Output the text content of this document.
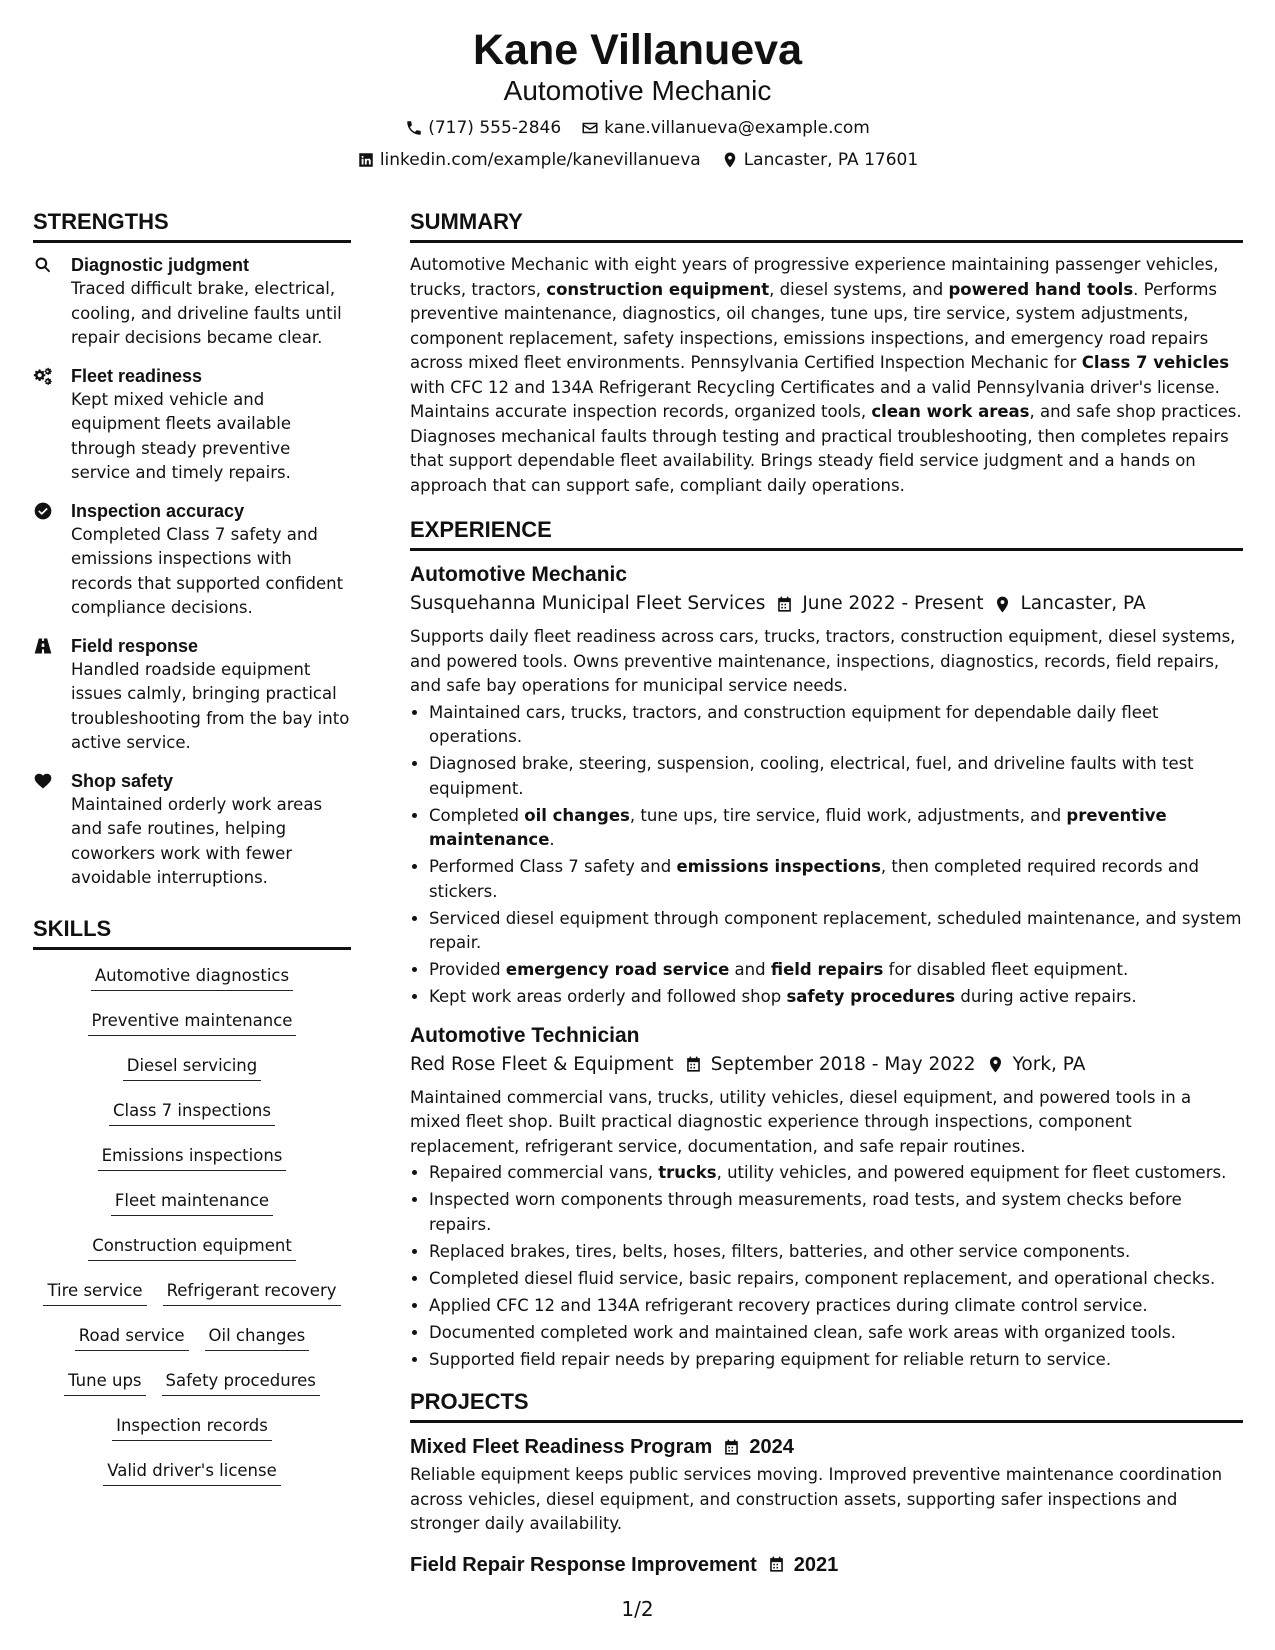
Kane Villanueva
Automotive Mechanic
(717) 555-2846	kane.villanueva@example.com
linkedin.com/example/kanevillanueva	Lancaster, PA 17601
STRENGTHS
Diagnostic judgment
Traced difficult brake, electrical, cooling, and driveline faults until repair decisions became clear.
Fleet readiness
Kept mixed vehicle and equipment fleets available through steady preventive service and timely repairs.
Inspection accuracy
Completed Class 7 safety and emissions inspections with records that supported confident compliance decisions.
Field response
Handled roadside equipment issues calmly, bringing practical troubleshooting from the bay into active service.
Shop safety
Maintained orderly work areas and safe routines, helping coworkers work with fewer avoidable interruptions.
SKILLS
Automotive diagnostics
Preventive maintenance
Diesel servicing
Class 7 inspections
Emissions inspections
Fleet maintenance
Construction equipment
Tire service Refrigerant recovery
Road service Oil changes
Tune ups Safety procedures
Inspection records
Valid driver's license
SUMMARY
Automotive Mechanic with eight years of progressive experience maintaining passenger vehicles, trucks, tractors, construction equipment, diesel systems, and powered hand tools. Performs preventive maintenance, diagnostics, oil changes, tune ups, tire service, system adjustments, component replacement, safety inspections, emissions inspections, and emergency road repairs across mixed fleet environments. Pennsylvania Certified Inspection Mechanic for Class 7 vehicles with CFC 12 and 134A Refrigerant Recycling Certificates and a valid Pennsylvania driver's license. Maintains accurate inspection records, organized tools, clean work areas, and safe shop practices. Diagnoses mechanical faults through testing and practical troubleshooting, then completes repairs that support dependable fleet availability. Brings steady field service judgment and a hands on approach that can support safe, compliant daily operations.
EXPERIENCE
Automotive Mechanic
Susquehanna Municipal Fleet Services June 2022 - Present Lancaster, PA
Supports daily fleet readiness across cars, trucks, tractors, construction equipment, diesel systems, and powered tools. Owns preventive maintenance, inspections, diagnostics, records, field repairs, and safe bay operations for municipal service needs.
• Maintained cars, trucks, tractors, and construction equipment for dependable daily fleet operations.
• Diagnosed brake, steering, suspension, cooling, electrical, fuel, and driveline faults with test equipment.
• Completed oil changes, tune ups, tire service, fluid work, adjustments, and preventive maintenance.
• Performed Class 7 safety and emissions inspections, then completed required records and stickers.
• Serviced diesel equipment through component replacement, scheduled maintenance, and system repair.
• Provided emergency road service and field repairs for disabled fleet equipment.
• Kept work areas orderly and followed shop safety procedures during active repairs.
Automotive Technician
Red Rose Fleet & Equipment September 2018 - May 2022 York, PA
Maintained commercial vans, trucks, utility vehicles, diesel equipment, and powered tools in a mixed fleet shop. Built practical diagnostic experience through inspections, component replacement, refrigerant service, documentation, and safe repair routines.
• Repaired commercial vans, trucks, utility vehicles, and powered equipment for fleet customers.
• Inspected worn components through measurements, road tests, and system checks before repairs.
• Replaced brakes, tires, belts, hoses, filters, batteries, and other service components.
• Completed diesel fluid service, basic repairs, component replacement, and operational checks.
• Applied CFC 12 and 134A refrigerant recovery practices during climate control service.
• Documented completed work and maintained clean, safe work areas with organized tools.
• Supported field repair needs by preparing equipment for reliable return to service.
PROJECTS
Mixed Fleet Readiness Program 2024
Reliable equipment keeps public services moving. Improved preventive maintenance coordination across vehicles, diesel equipment, and construction assets, supporting safer inspections and stronger daily availability.
Field Repair Response Improvement 2021
1/2
